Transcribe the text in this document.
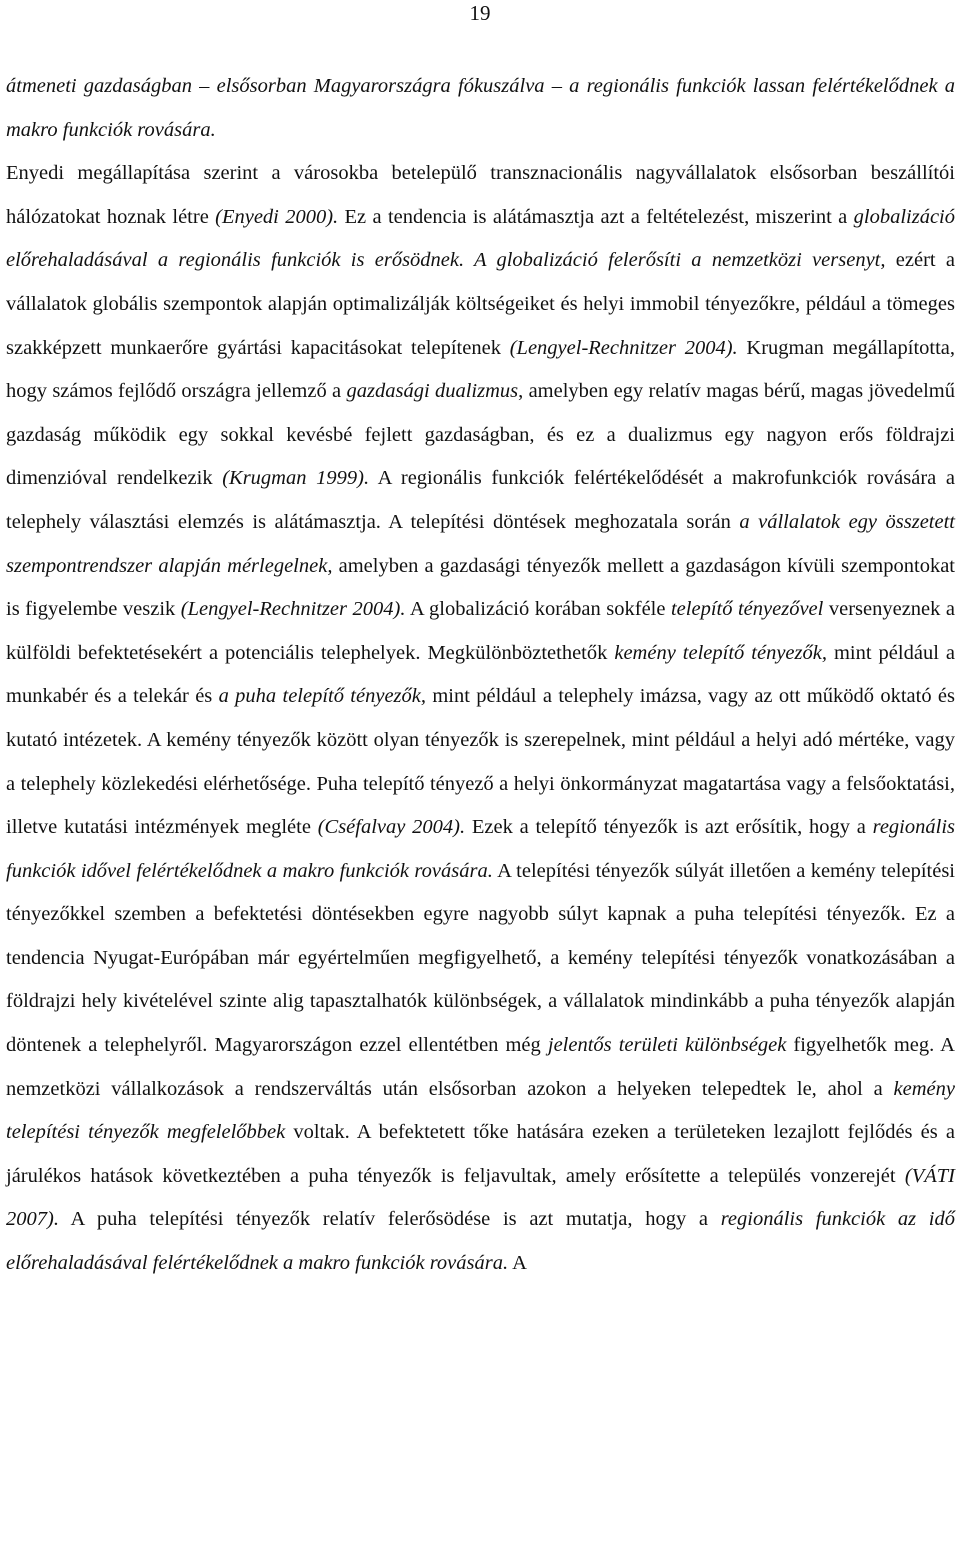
19

átmeneti gazdaságban – elsősorban Magyarországra fókuszálva – a regionális funkciók lassan felértékelődnek a makro funkciók rovására.

Enyedi megállapítása szerint a városokba betelepülő transznacionális nagyvállalatok elsősorban beszállítói hálózatokat hoznak létre (Enyedi 2000). Ez a tendencia is alátámasztja azt a feltételezést, miszerint a globalizáció előrehaladásával a regionális funkciók is erősödnek. A globalizáció felerősíti a nemzetközi versenyt, ezért a vállalatok globális szempontok alapján optimalizálják költségeiket és helyi immobil tényezőkre, például a tömeges szakképzett munkaerőre gyártási kapacitásokat telepítenek (Lengyel-Rechnitzer 2004). Krugman megállapította, hogy számos fejlődő országra jellemző a gazdasági dualizmus, amelyben egy relatív magas bérű, magas jövedelmű gazdaság működik egy sokkal kevésbé fejlett gazdaságban, és ez a dualizmus egy nagyon erős földrajzi dimenzióval rendelkezik (Krugman 1999). A regionális funkciók felértékelődését a makrofunkciók rovására a telephely választási elemzés is alátámasztja. A telepítési döntések meghozatala során a vállalatok egy összetett szempontrendszer alapján mérlegelnek, amelyben a gazdasági tényezők mellett a gazdaságon kívüli szempontokat is figyelembe veszik (Lengyel-Rechnitzer 2004). A globalizáció korában sokféle telepítő tényezővel versenyeznek a külföldi befektetésekért a potenciális telephelyek. Megkülönböztethetők kemény telepítő tényezők, mint például a munkabér és a telekár és a puha telepítő tényezők, mint például a telephely imázsa, vagy az ott működő oktató és kutató intézetek. A kemény tényezők között olyan tényezők is szerepelnek, mint például a helyi adó mértéke, vagy a telephely közlekedési elérhetősége. Puha telepítő tényező a helyi önkormányzat magatartása vagy a felsőoktatási, illetve kutatási intézmények megléte (Cséfalvay 2004). Ezek a telepítő tényezők is azt erősítik, hogy a regionális funkciók idővel felértékelődnek a makro funkciók rovására. A telepítési tényezők súlyát illetően a kemény telepítési tényezőkkel szemben a befektetési döntésekben egyre nagyobb súlyt kapnak a puha telepítési tényezők. Ez a tendencia Nyugat-Európában már egyértelműen megfigyelhető, a kemény telepítési tényezők vonatkozásában a földrajzi hely kivételével szinte alig tapasztalhatók különbségek, a vállalatok mindinkább a puha tényezők alapján döntenek a telephelyről. Magyarországon ezzel ellentétben még jelentős területi különbségek figyelhetők meg. A nemzetközi vállalkozások a rendszerváltás után elsősorban azokon a helyeken telepedtek le, ahol a kemény telepítési tényezők megfelelőbbek voltak. A befektetett tőke hatására ezeken a területeken lezajlott fejlődés és a járulékos hatások következtében a puha tényezők is feljavultak, amely erősítette a település vonzerejét (VÁTI 2007). A puha telepítési tényezők relatív felerősödése is azt mutatja, hogy a regionális funkciók az idő előrehaladásával felértékelődnek a makro funkciók rovására. A
